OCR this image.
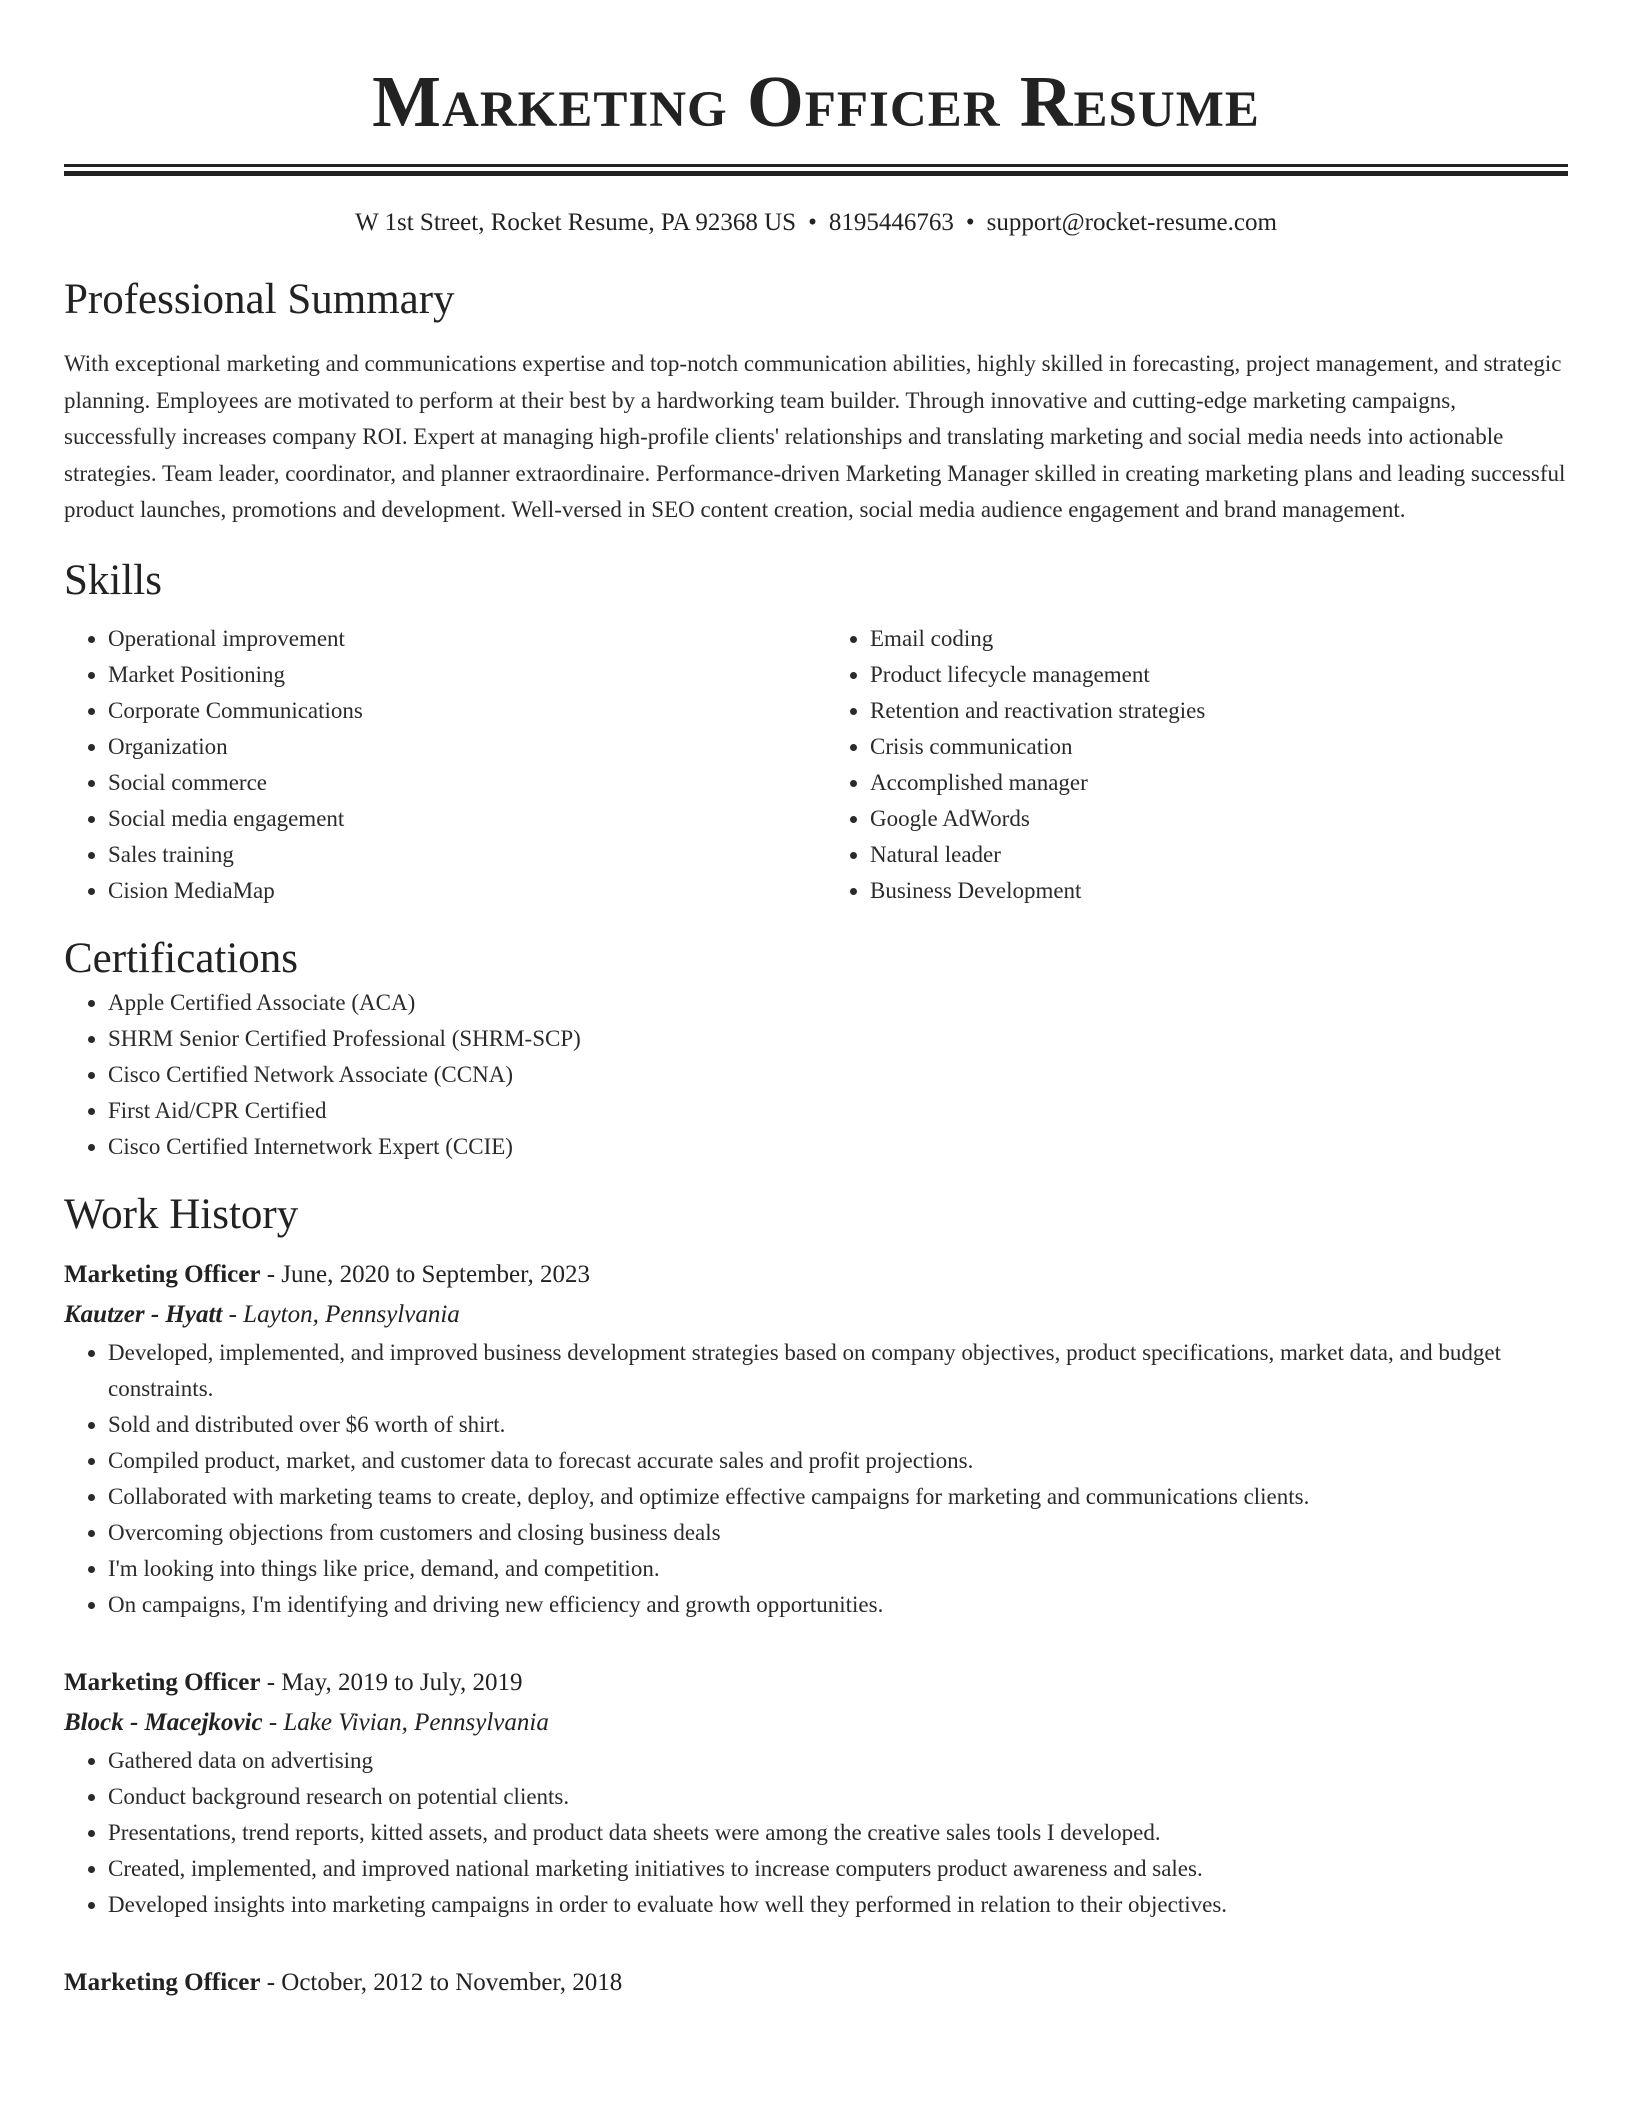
Marketing Officer Resume
W 1st Street, Rocket Resume, PA 92368 US • 8195446763 • support@rocket-resume.com
Professional Summary

With exceptional marketing and communications expertise and top-notch communication abilities, highly skilled in forecasting, project management, and strategic planning. Employees are motivated to perform at their best by a hardworking team builder. Through innovative and cutting-edge marketing campaigns, successfully increases company ROI. Expert at managing high-profile clients' relationships and translating marketing and social media needs into actionable strategies. Team leader, coordinator, and planner extraordinaire. Performance-driven Marketing Manager skilled in creating marketing plans and leading successful product launches, promotions and development. Well-versed in SEO content creation, social media audience engagement and brand management.

Skills
• Operational improvement
• Market Positioning
• Corporate Communications
• Organization
• Social commerce
• Social media engagement
• Sales training
• Cision MediaMap
• Email coding
• Product lifecycle management
• Retention and reactivation strategies
• Crisis communication
• Accomplished manager
• Google AdWords
• Natural leader
• Business Development
Certifications
• Apple Certified Associate (ACA)
• SHRM Senior Certified Professional (SHRM-SCP)
• Cisco Certified Network Associate (CCNA)
• First Aid/CPR Certified
• Cisco Certified Internetwork Expert (CCIE)
Work History
Marketing Officer - June, 2020 to September, 2023
Kautzer - Hyatt - Layton, Pennsylvania
• Developed, implemented, and improved business development strategies based on company objectives, product specifications, market data, and budget constraints.
• Sold and distributed over $6 worth of shirt.
• Compiled product, market, and customer data to forecast accurate sales and profit projections.
• Collaborated with marketing teams to create, deploy, and optimize effective campaigns for marketing and communications clients.
• Overcoming objections from customers and closing business deals
• I'm looking into things like price, demand, and competition.
• On campaigns, I'm identifying and driving new efficiency and growth opportunities.
Marketing Officer - May, 2019 to July, 2019
Block - Macejkovic - Lake Vivian, Pennsylvania
• Gathered data on advertising
• Conduct background research on potential clients.
• Presentations, trend reports, kitted assets, and product data sheets were among the creative sales tools I developed.
• Created, implemented, and improved national marketing initiatives to increase computers product awareness and sales.
• Developed insights into marketing campaigns in order to evaluate how well they performed in relation to their objectives.
Marketing Officer - October, 2012 to November, 2018
